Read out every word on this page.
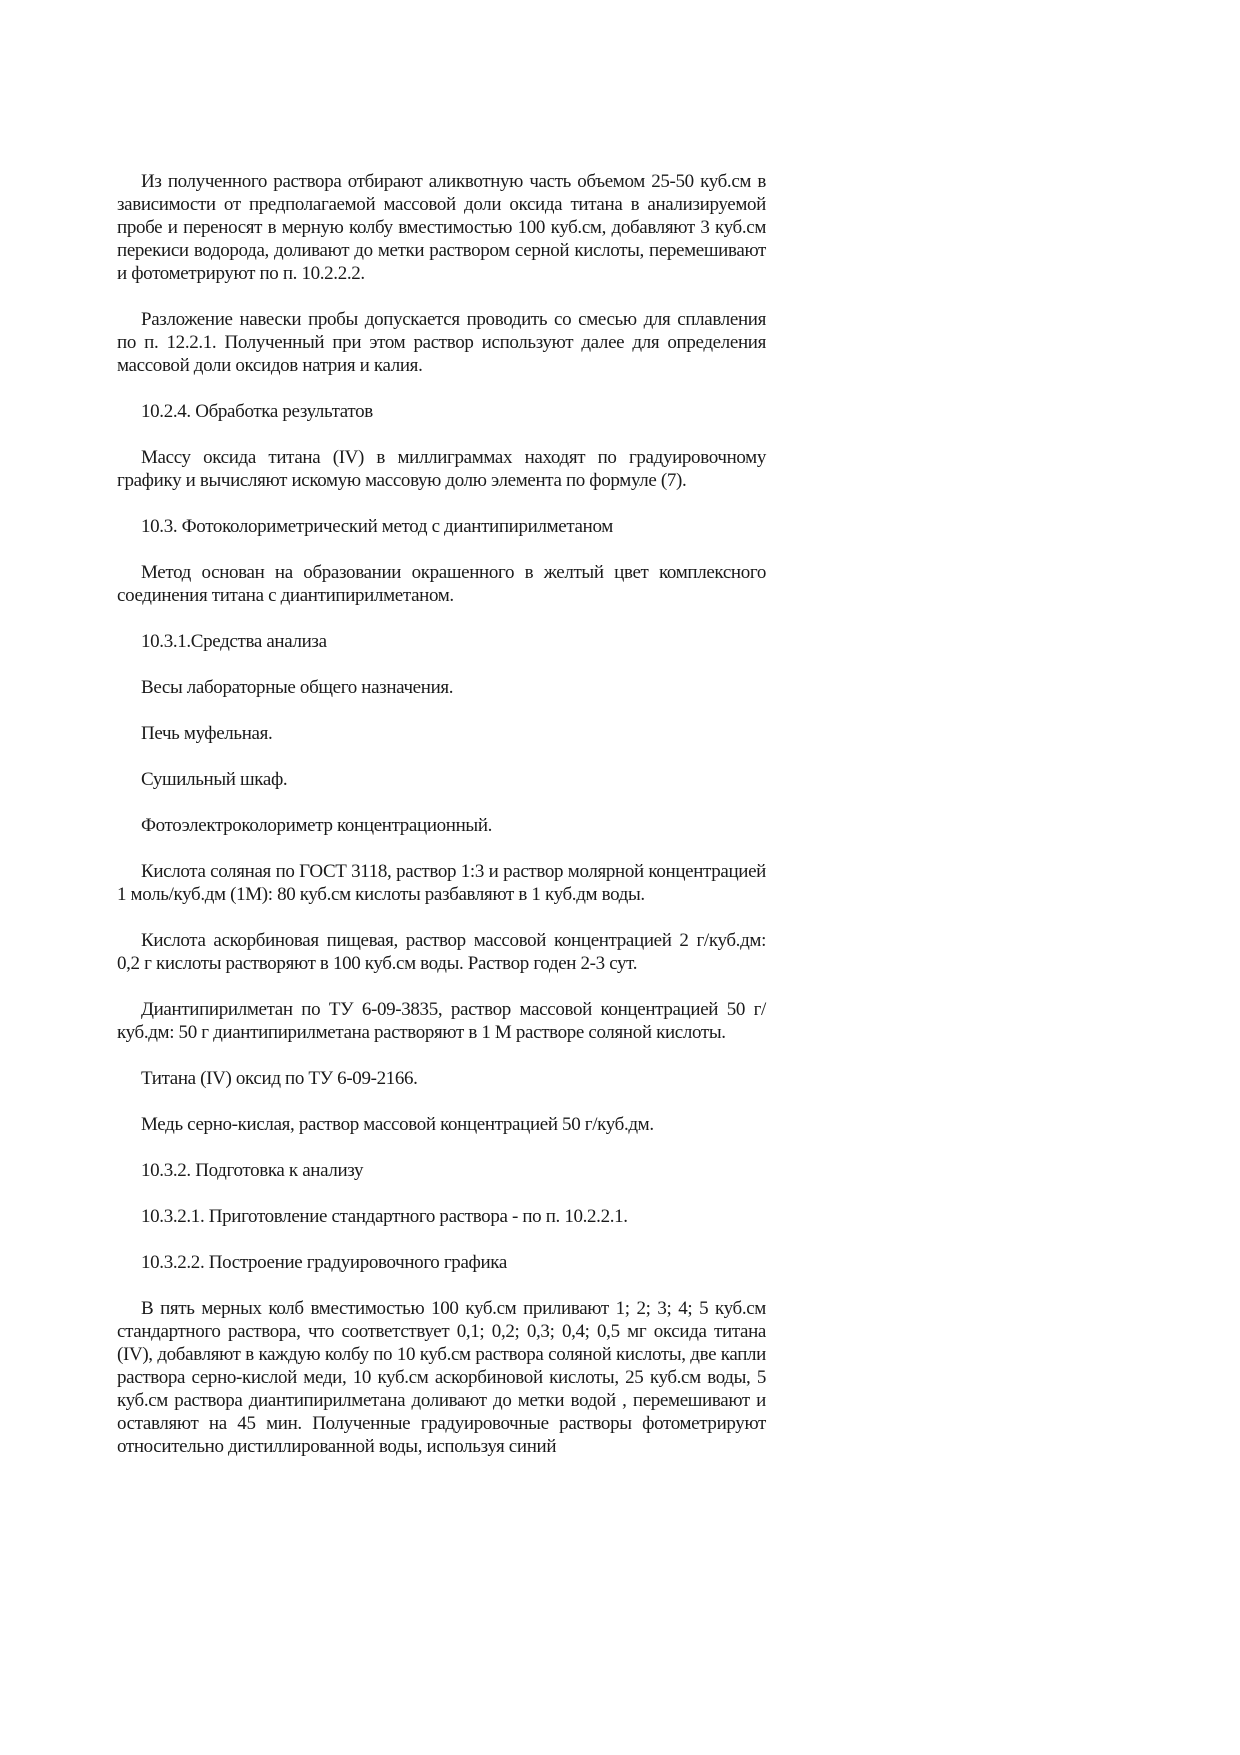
Из полученного раствора отбирают аликвотную часть объемом 25-50 куб.см в зависимости от предполагаемой массовой доли оксида титана в анализируемой пробе и переносят в мерную колбу вместимостью 100 куб.см, добавляют 3 куб.см перекиси водорода, доливают до метки раствором серной кислоты, перемешивают и фотометрируют по п. 10.2.2.2.

Разложение навески пробы допускается проводить со смесью для сплавления по п. 12.2.1. Полученный при этом раствор используют далее для определения массовой доли оксидов натрия и калия.

10.2.4. Обработка результатов

Массу оксида титана (IV) в миллиграммах находят по градуировочному графику и вычисляют искомую массовую долю элемента по формуле (7).

10.3. Фотоколориметрический метод с диантипирилметаном

Метод основан на образовании окрашенного в желтый цвет комплексного соединения титана с диантипирилметаном.

10.3.1.Средства анализа

Весы лабораторные общего назначения.

Печь муфельная.

Сушильный шкаф.

Фотоэлектроколориметр концентрационный.

Кислота соляная по ГОСТ 3118, раствор 1:3 и раствор молярной концентрацией 1 моль/куб.дм (1М): 80 куб.см кислоты разбавляют в 1 куб.дм воды.

Кислота аскорбиновая пищевая, раствор массовой концентрацией 2 г/куб.дм: 0,2 г кислоты растворяют в 100 куб.см воды. Раствор годен 2-3 сут.

Диантипирилметан по ТУ 6-09-3835, раствор массовой концентрацией 50 г/куб.дм: 50 г диантипирилметана растворяют в 1 М растворе соляной кислоты.

Титана (IV) оксид по ТУ 6-09-2166.

Медь серно-кислая, раствор массовой концентрацией 50 г/куб.дм.

10.3.2. Подготовка к анализу

10.3.2.1. Приготовление стандартного раствора - по п. 10.2.2.1.

10.3.2.2. Построение градуировочного графика

В пять мерных колб вместимостью 100 куб.см приливают 1; 2; 3; 4; 5 куб.см стандартного раствора, что соответствует 0,1; 0,2; 0,3; 0,4; 0,5 мг оксида титана (IV), добавляют в каждую колбу по 10 куб.см раствора соляной кислоты, две капли раствора серно-кислой меди, 10 куб.см аскорбиновой кислоты, 25 куб.см воды, 5 куб.см раствора диантипирилметана доливают до метки водой , перемешивают и оставляют на 45 мин. Полученные градуировочные растворы фотометрируют относительно дистиллированной воды, используя синий
